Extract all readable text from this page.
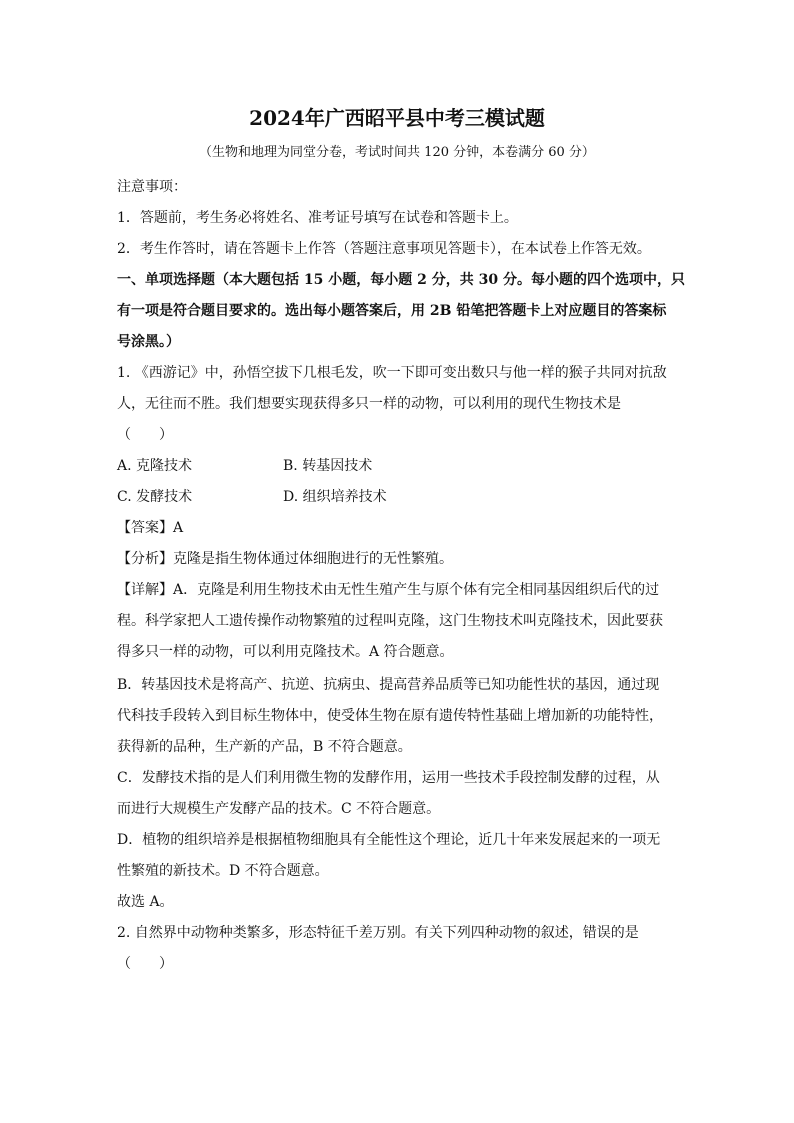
2024年广西昭平县中考三模试题
（生物和地理为同堂分卷，考试时间共 120 分钟，本卷满分 60 分）
注意事项：
1．答题前，考生务必将姓名、准考证号填写在试卷和答题卡上。
2．考生作答时，请在答题卡上作答（答题注意事项见答题卡），在本试卷上作答无效。
一、单项选择题（本大题包括 15 小题，每小题 2 分，共 30 分。每小题的四个选项中，只
有一项是符合题目要求的。选出每小题答案后，用 2B 铅笔把答题卡上对应题目的答案标
号涂黑。）
1. 《西游记》中，孙悟空拔下几根毛发，吹一下即可变出数只与他一样的猴子共同对抗敌
人，无往而不胜。我们想要实现获得多只一样的动物，可以利用的现代生物技术是
（　　）
A. 克隆技术	B. 转基因技术
C. 发酵技术	D. 组织培养技术
【答案】A
【分析】克隆是指生物体通过体细胞进行的无性繁殖。
【详解】A．克隆是利用生物技术由无性生殖产生与原个体有完全相同基因组织后代的过
程。科学家把人工遗传操作动物繁殖的过程叫克隆，这门生物技术叫克隆技术，因此要获
得多只一样的动物，可以利用克隆技术。A 符合题意。
B．转基因技术是将高产、抗逆、抗病虫、提高营养品质等已知功能性状的基因，通过现
代科技手段转入到目标生物体中，使受体生物在原有遗传特性基础上增加新的功能特性，
获得新的品种，生产新的产品，B 不符合题意。
C．发酵技术指的是人们利用微生物的发酵作用，运用一些技术手段控制发酵的过程，从
而进行大规模生产发酵产品的技术。C 不符合题意。
D．植物的组织培养是根据植物细胞具有全能性这个理论，近几十年来发展起来的一项无
性繁殖的新技术。D 不符合题意。
故选 A。
2. 自然界中动物种类繁多，形态特征千差万别。有关下列四种动物的叙述，错误的是
（　　）
